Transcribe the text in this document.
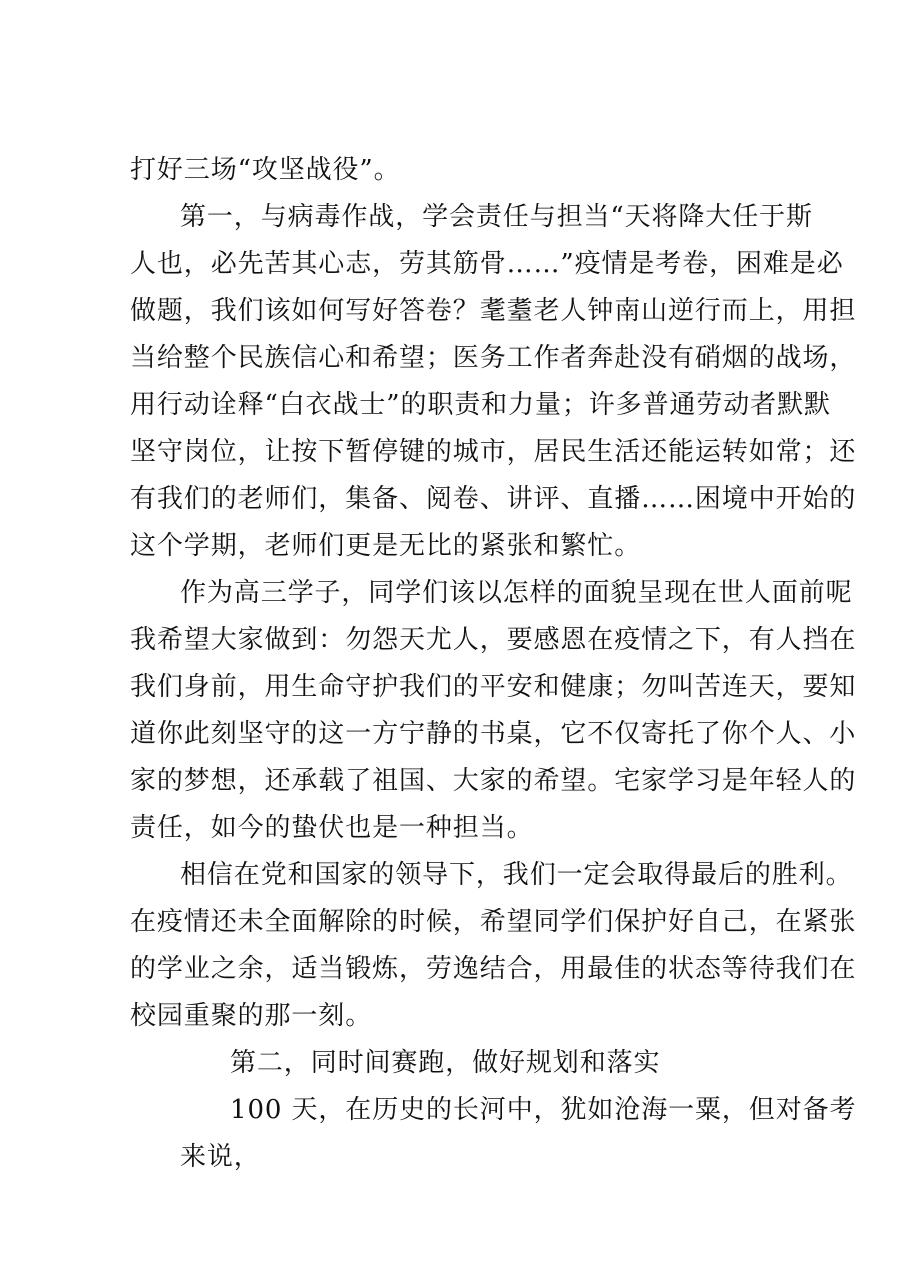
打好三场“攻坚战役”。
第一，与病毒作战，学会责任与担当“天将降大任于斯
人也，必先苦其心志，劳其筋骨……”疫情是考卷，困难是必
做题，我们该如何写好答卷？耄耋老人钟南山逆行而上，用担
当给整个民族信心和希望；医务工作者奔赴没有硝烟的战场，
用行动诠释“白衣战士”的职责和力量；许多普通劳动者默默
坚守岗位，让按下暂停键的城市，居民生活还能运转如常；还
有我们的老师们，集备、阅卷、讲评、直播……困境中开始的
这个学期，老师们更是无比的紧张和繁忙。
作为高三学子，同学们该以怎样的面貌呈现在世人面前呢
我希望大家做到：勿怨天尤人，要感恩在疫情之下，有人挡在
我们身前，用生命守护我们的平安和健康；勿叫苦连天，要知
道你此刻坚守的这一方宁静的书桌，它不仅寄托了你个人、小
家的梦想，还承载了祖国、大家的希望。宅家学习是年轻人的
责任，如今的蛰伏也是一种担当。
相信在党和国家的领导下，我们一定会取得最后的胜利。
在疫情还未全面解除的时候，希望同学们保护好自己，在紧张
的学业之余，适当锻炼，劳逸结合，用最佳的状态等待我们在
校园重聚的那一刻。
第二，同时间赛跑，做好规划和落实
100 天，在历史的长河中，犹如沧海一粟，但对备考
来说，
